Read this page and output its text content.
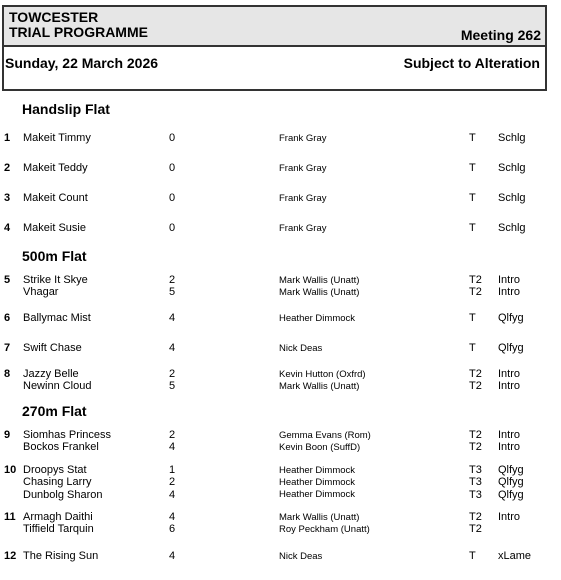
TOWCESTER
TRIAL PROGRAMME	Meeting 262
Sunday, 22 March 2026	Subject to Alteration
Handslip Flat
500m Flat
270m Flat
1 Makeit Timmy	0	Frank Gray	T Schlg
2 Makeit Teddy	0	Frank Gray	T Schlg
3 Makeit Count	0	Frank Gray	T Schlg
4 Makeit Susie	0	Frank Gray	T Schlg
5 Strike It Skye	2	Mark Wallis (Unatt)	T2 Intro
Vhagar	5	Mark Wallis (Unatt)	T2 Intro
6 Ballymac Mist	4	Heather Dimmock	T Qlfyg
7 Swift Chase	4	Nick Deas	T Qlfyg
8 Jazzy Belle	2	Kevin Hutton (Oxfrd)	T2 Intro
Newinn Cloud	5	Mark Wallis (Unatt)	T2 Intro
9 Siomhas Princess	2	Gemma Evans (Rom)	T2 Intro
Bockos Frankel	4	Kevin Boon (SuffD)	T2 Intro
10 Droopys Stat	1	Heather Dimmock	T3 Qlfyg
Chasing Larry	2	Heather Dimmock	T3 Qlfyg
Dunbolg Sharon	4	Heather Dimmock	T3 Qlfyg
11 Armagh Daithi	4	Mark Wallis (Unatt)	T2 Intro
Tiffield Tarquin	6	Roy Peckham (Unatt)	T2
12 The Rising Sun	4	Nick Deas	T xLame
